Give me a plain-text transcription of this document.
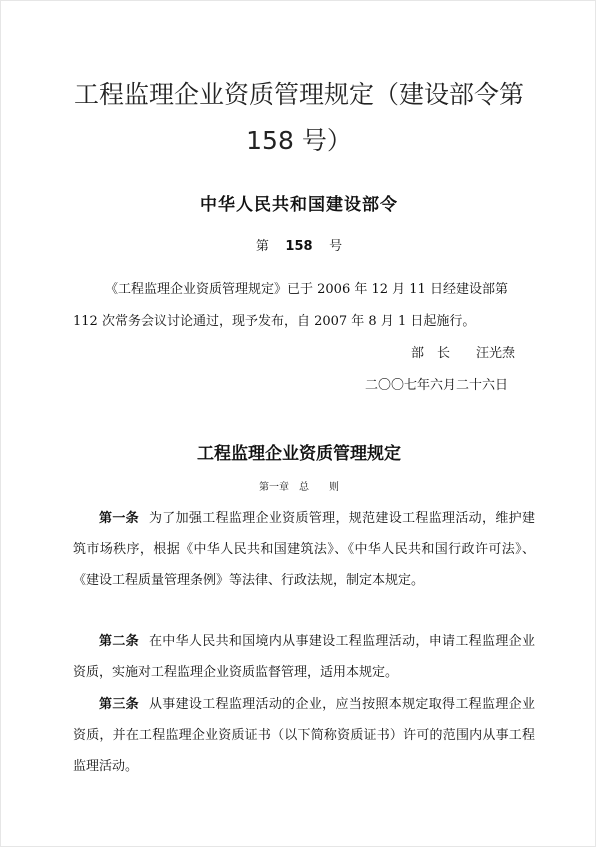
工程监理企业资质管理规定（建设部令第
158 号）
中华人民共和国建设部令
第 158 号
《工程监理企业资质管理规定》已于 2006 年 12 月 11 日经建设部第
112 次常务会议讨论通过，现予发布，自 2007 年 8 月 1 日起施行。
部　长　　汪光焘
二〇〇七年六月二十六日
工程监理企业资质管理规定
第一章　总　　则
第一条 为了加强工程监理企业资质管理，规范建设工程监理活动，维护建筑市场秩序，根据《中华人民共和国建筑法》、《中华人民共和国行政许可法》、《建设工程质量管理条例》等法律、行政法规，制定本规定。
第二条 在中华人民共和国境内从事建设工程监理活动，申请工程监理企业资质，实施对工程监理企业资质监督管理，适用本规定。
第三条 从事建设工程监理活动的企业，应当按照本规定取得工程监理企业资质，并在工程监理企业资质证书（以下简称资质证书）许可的范围内从事工程监理活动。
